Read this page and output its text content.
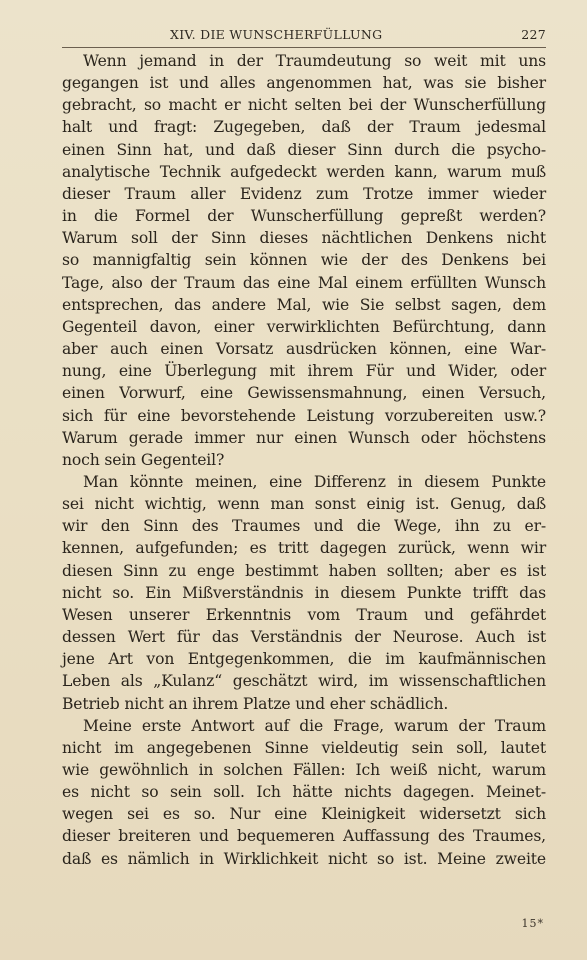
XIV. DIE WUNSCHERFÜLLUNG	227
Wenn jemand in der Traumdeutung so weit mit uns
gegangen ist und alles angenommen hat, was sie bisher
gebracht, so macht er nicht selten bei der Wunscherfüllung
halt und fragt: Zugegeben, daß der Traum jedesmal
einen Sinn hat, und daß dieser Sinn durch die psycho-
analytische Technik aufgedeckt werden kann, warum muß
dieser Traum aller Evidenz zum Trotze immer wieder
in die Formel der Wunscherfüllung gepreßt werden?
Warum soll der Sinn dieses nächtlichen Denkens nicht
so mannigfaltig sein können wie der des Denkens bei
Tage, also der Traum das eine Mal einem erfüllten Wunsch
entsprechen, das andere Mal, wie Sie selbst sagen, dem
Gegenteil davon, einer verwirklichten Befürchtung, dann
aber auch einen Vorsatz ausdrücken können, eine War-
nung, eine Überlegung mit ihrem Für und Wider, oder
einen Vorwurf, eine Gewissensmahnung, einen Versuch,
sich für eine bevorstehende Leistung vorzubereiten usw.?
Warum gerade immer nur einen Wunsch oder höchstens
noch sein Gegenteil?
Man könnte meinen, eine Differenz in diesem Punkte
sei nicht wichtig, wenn man sonst einig ist. Genug, daß
wir den Sinn des Traumes und die Wege, ihn zu er-
kennen, aufgefunden; es tritt dagegen zurück, wenn wir
diesen Sinn zu enge bestimmt haben sollten; aber es ist
nicht so. Ein Mißverständnis in diesem Punkte trifft das
Wesen unserer Erkenntnis vom Traum und gefährdet
dessen Wert für das Verständnis der Neurose. Auch ist
jene Art von Entgegenkommen, die im kaufmännischen
Leben als „Kulanz“ geschätzt wird, im wissenschaftlichen
Betrieb nicht an ihrem Platze und eher schädlich.
Meine erste Antwort auf die Frage, warum der Traum
nicht im angegebenen Sinne vieldeutig sein soll, lautet
wie gewöhnlich in solchen Fällen: Ich weiß nicht, warum
es nicht so sein soll. Ich hätte nichts dagegen. Meinet-
wegen sei es so. Nur eine Kleinigkeit widersetzt sich
dieser breiteren und bequemeren Auffassung des Traumes,
daß es nämlich in Wirklichkeit nicht so ist. Meine zweite
15*
